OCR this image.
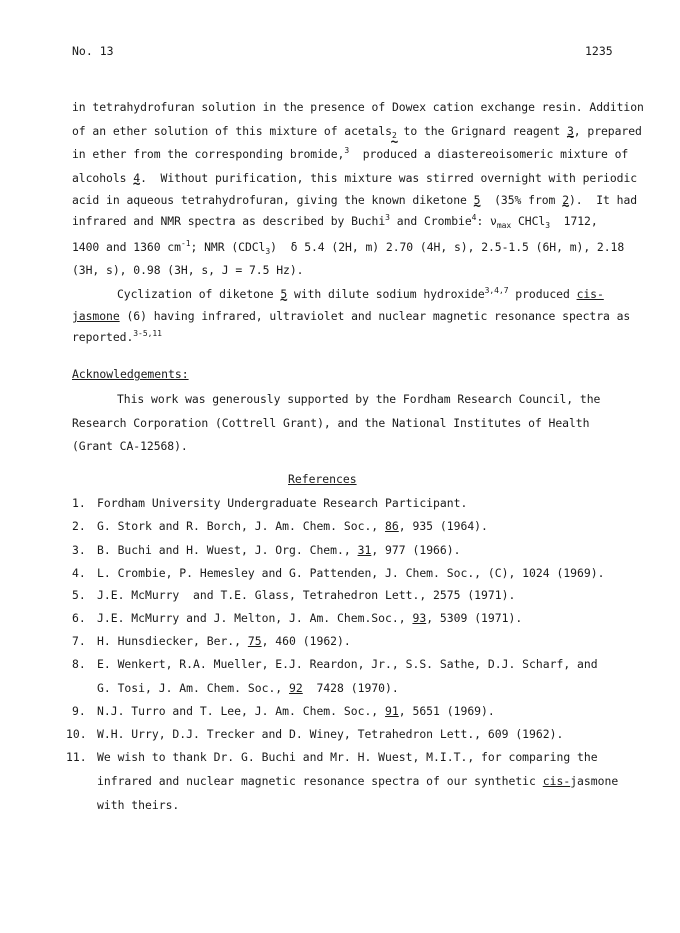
No. 13	1235
in tetrahydrofuran solution in the presence of Dowex cation exchange resin. Addition
of an ether solution of this mixture of acetals2 to the Grignard reagent 3 ~, prepared
in ether from the corresponding bromide,$^3$  produced a diastereoisomeric mixture of
alcohols 4 ~.  Without purification, this mixture was stirred overnight with periodic
acid in aqueous tetrahydrofuran, giving the known diketone 5 ~  (35% from 2 ~).  It had
infrared and NMR spectra as described by Buchi$^3$ and Crombie$^4$: $\nu_{max}$ CHCl$_3$  1712,
1400 and 1360 $cm^{-1}$; NMR (CDCl$_3$)  δ 5.4 (2H, m) 2.70 (4H, s), 2.5-1.5 (6H, m), 2.18
(3H, s), 0.98 (3H, s, J = 7.5 Hz).
Cyclization of diketone 5 ~ with dilute sodium hydroxide$^{3,4,7}$ produced cis-
jasmone (6) having infrared, ultraviolet and nuclear magnetic resonance spectra as
reported.$^{3-5,11}$
Acknowledgements:
This work was generously supported by the Fordham Research Council, the
Research Corporation (Cottrell Grant), and the National Institutes of Health
(Grant CA-12568).
References
1. Fordham University Undergraduate Research Participant.
2. G. Stork and R. Borch, J. Am. Chem. Soc., 86, 935 (1964).
3. B. Buchi and H. Wuest, J. Org. Chem., 31, 977 (1966).
4. L. Crombie, P. Hemesley and G. Pattenden, J. Chem. Soc., (C), 1024 (1969).
5. J.E. McMurry  and T.E. Glass, Tetrahedron Lett., 2575 (1971).
6. J.E. McMurry and J. Melton, J. Am. Chem.Soc., 93, 5309 (1971).
7. H. Hunsdiecker, Ber., 75, 460 (1962).
8. E. Wenkert, R.A. Mueller, E.J. Reardon, Jr., S.S. Sathe, D.J. Scharf, and
G. Tosi, J. Am. Chem. Soc., 92  7428 (1970).
9. N.J. Turro and T. Lee, J. Am. Chem. Soc., 91, 5651 (1969).
10. W.H. Urry, D.J. Trecker and D. Winey, Tetrahedron Lett., 609 (1962).
11. We wish to thank Dr. G. Buchi and Mr. H. Wuest, M.I.T., for comparing the
infrared and nuclear magnetic resonance spectra of our synthetic cis-jasmone
with theirs.
